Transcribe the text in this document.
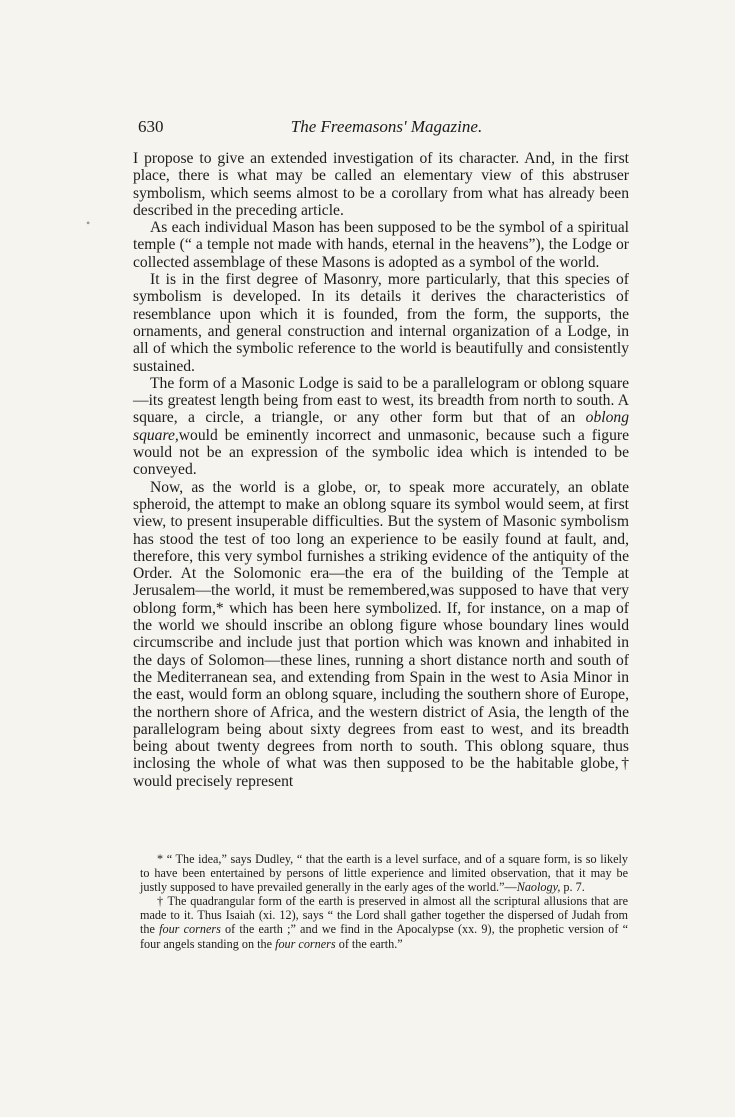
630	The Freemasons' Magazine.
•

I propose to give an extended investigation of its character. And, in the first place, there is what may be called an elementary view of this abstruser symbolism, which seems almost to be a corollary from what has already been described in the preceding article.

As each individual Mason has been supposed to be the symbol of a spiritual temple (“ a temple not made with hands, eternal in the heavens”), the Lodge or collected assemblage of these Masons is adopted as a symbol of the world.

It is in the first degree of Masonry, more particularly, that this species of symbolism is developed. In its details it derives the characteristics of resemblance upon which it is founded, from the form, the supports, the ornaments, and general construction and internal organization of a Lodge, in all of which the symbolic reference to the world is beautifully and consistently sustained.

The form of a Masonic Lodge is said to be a parallelogram or oblong square—its greatest length being from east to west, its breadth from north to south. A square, a circle, a triangle, or any other form but that of an oblong square,would be eminently incorrect and unmasonic, because such a figure would not be an expression of the symbolic idea which is intended to be conveyed.

Now, as the world is a globe, or, to speak more accurately, an oblate spheroid, the attempt to make an oblong square its symbol would seem, at first view, to present insuperable difficulties. But the system of Masonic symbolism has stood the test of too long an experience to be easily found at fault, and, therefore, this very symbol furnishes a striking evidence of the antiquity of the Order. At the Solomonic era—the era of the building of the Temple at Jerusalem—the world, it must be remembered,was supposed to have that very oblong form,* which has been here symbolized. If, for instance, on a map of the world we should inscribe an oblong figure whose boundary lines would circumscribe and include just that portion which was known and inhabited in the days of Solomon—these lines, running a short distance north and south of the Mediterranean sea, and extending from Spain in the west to Asia Minor in the east, would form an oblong square, including the southern shore of Europe, the northern shore of Africa, and the western district of Asia, the length of the parallelogram being about sixty degrees from east to west, and its breadth being about twenty degrees from north to south. This oblong square, thus inclosing the whole of what was then supposed to be the habitable globe,† would precisely represent

* “ The idea,” says Dudley, “ that the earth is a level surface, and of a square form, is so likely to have been entertained by persons of little experience and limited observation, that it may be justly supposed to have prevailed generally in the early ages of the world.”—Naology, p. 7.

† The quadrangular form of the earth is preserved in almost all the scriptural allusions that are made to it. Thus Isaiah (xi. 12), says “ the Lord shall gather together the dispersed of Judah from the four corners of the earth ;” and we find in the Apocalypse (xx. 9), the prophetic version of “ four angels standing on the four corners of the earth.”
